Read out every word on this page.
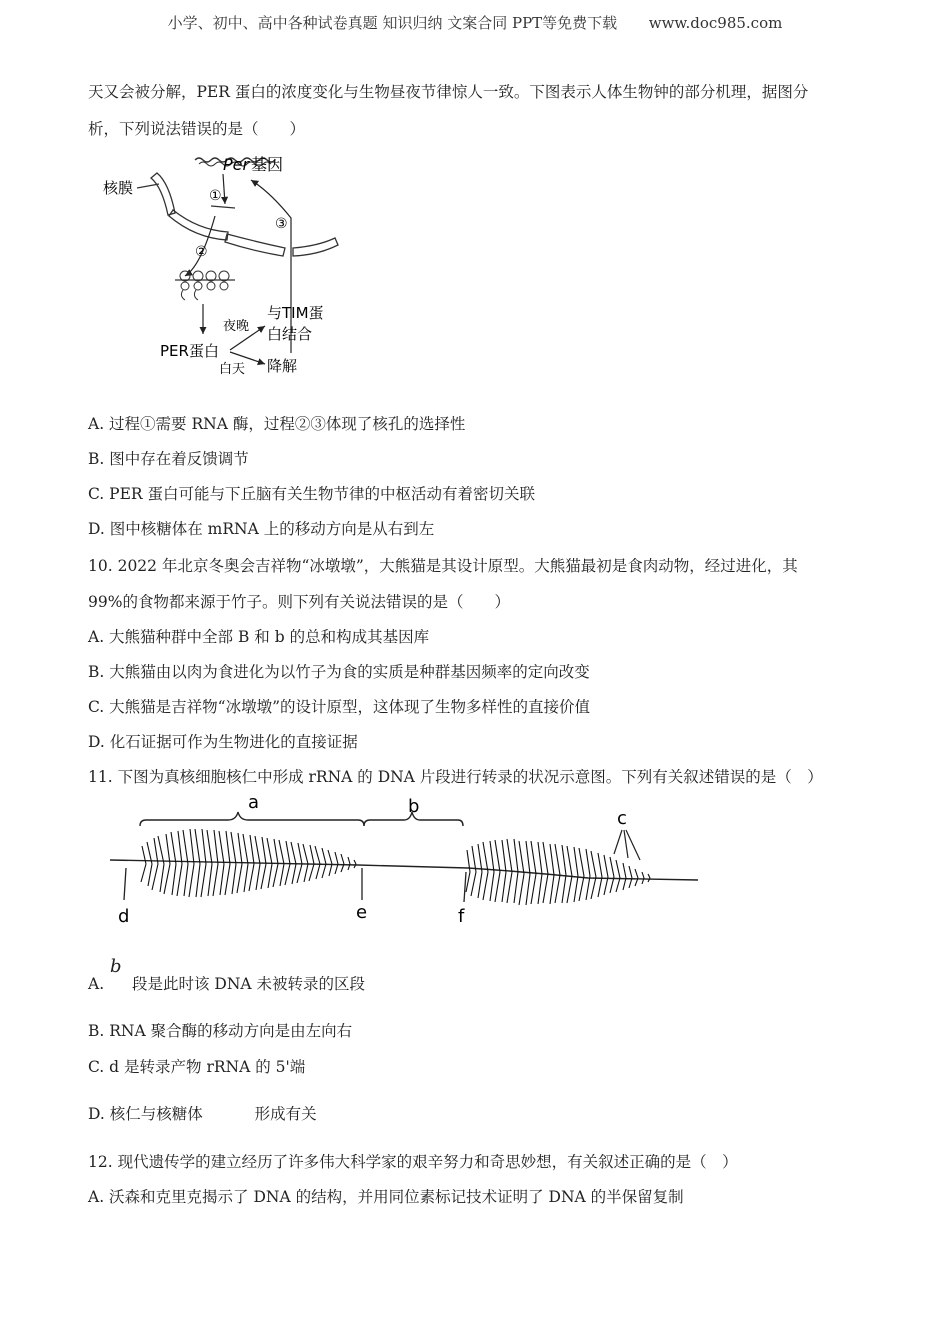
小学、初中、高中各种试卷真题 知识归纳 文案合同 PPT等免费下载 www.doc985.com
天又会被分解，PER 蛋白的浓度变化与生物昼夜节律惊人一致。下图表示人体生物钟的部分机理，据图分
析，下列说法错误的是（　　）
Per 基因
核膜	①
②
③
PER蛋白
夜晚
白天
与TIM蛋
白结合
降解
A. 过程①需要 RNA 酶，过程②③体现了核孔的选择性
B. 图中存在着反馈调节
C. PER 蛋白可能与下丘脑有关生物节律的中枢活动有着密切关联
D. 图中核糖体在 mRNA 上的移动方向是从右到左
10. 2022 年北京冬奥会吉祥物“冰墩墩”，大熊猫是其设计原型。大熊猫最初是食肉动物，经过进化，其
99%的食物都来源于竹子。则下列有关说法错误的是（　　）
A. 大熊猫种群中全部 B 和 b 的总和构成其基因库
B. 大熊猫由以肉为食进化为以竹子为食的实质是种群基因频率的定向改变
C. 大熊猫是吉祥物“冰墩墩”的设计原型，这体现了生物多样性的直接价值
D. 化石证据可作为生物进化的直接证据
11. 下图为真核细胞核仁中形成 rRNA 的 DNA 片段进行转录的状况示意图。下列有关叙述错误的是（　）
a	b
c
d	e	f
b
A. 段是此时该 DNA 未被转录的区段
B. RNA 聚合酶的移动方向是由左向右
C. d 是转录产物 rRNA 的 5'端
D. 核仁与核糖体	形成有关
12. 现代遗传学的建立经历了许多伟大科学家的艰辛努力和奇思妙想，有关叙述正确的是（　）
A. 沃森和克里克揭示了 DNA 的结构，并用同位素标记技术证明了 DNA 的半保留复制
